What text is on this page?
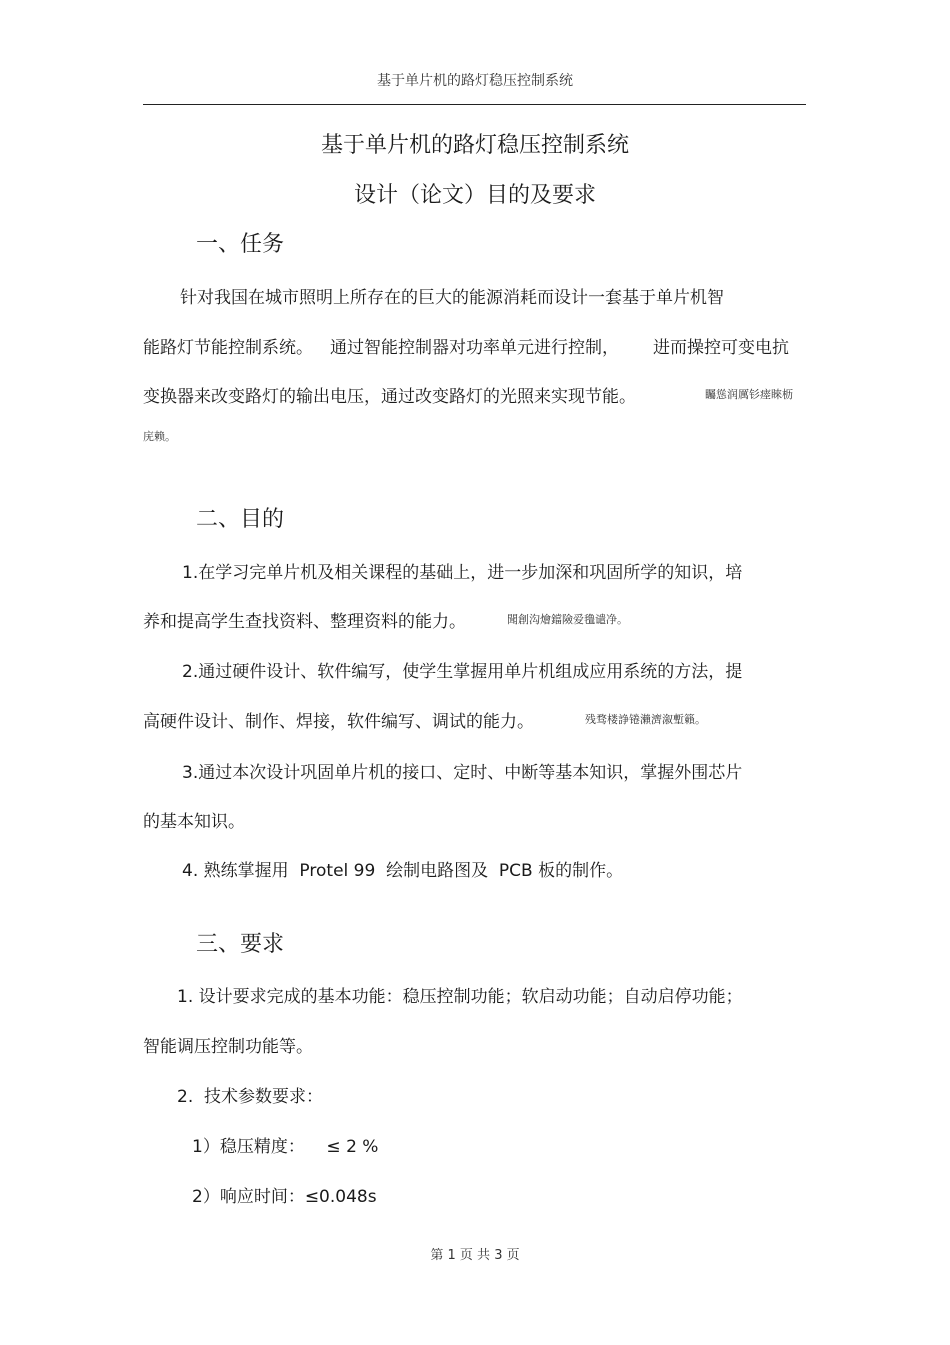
基于单片机的路灯稳压控制系统
基于单片机的路灯稳压控制系统
设计（论文）目的及要求
一、任务
针对我国在城市照明上所存在的巨大的能源消耗而设计一套基于单片机智
能路灯节能控制系统。 通过智能控制器对功率单元进行控制， 进而操控可变电抗
变换器来改变路灯的输出电压，通过改变路灯的光照来实现节能。	矚慫润厲钐瘗睞枥
庑赖。
二、目的
1.在学习完单片机及相关课程的基础上，进一步加深和巩固所学的知识，培
养和提高学生查找资料、整理资料的能力。	聞創沟燴鐺險爱氇谴净。
2.通过硬件设计、软件编写，使学生掌握用单片机组成应用系统的方法，提
高硬件设计、制作、焊接，软件编写、调试的能力。	残骛楼諍锩瀨濟溆塹籟。
3.通过本次设计巩固单片机的接口、定时、中断等基本知识，掌握外围芯片
的基本知识。
4. 熟练掌握用  Protel 99  绘制电路图及  PCB 板的制作。
三、要求
1. 设计要求完成的基本功能：稳压控制功能；软启动功能；自动启停功能；
智能调压控制功能等。
2.  技术参数要求：
1）稳压精度：    ≤ 2 %
2）响应时间：≤0.048s
第 1 页 共 3 页
